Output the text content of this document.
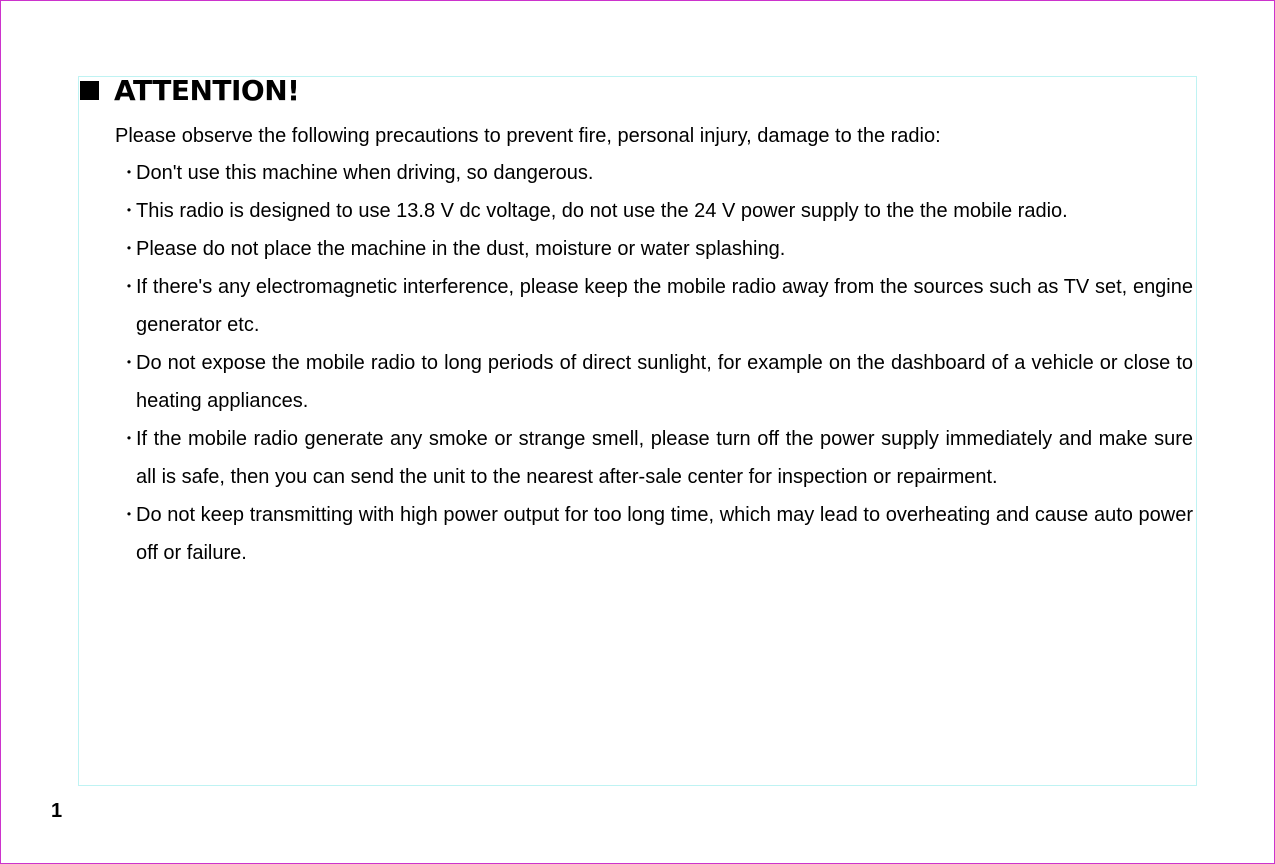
ATTENTION!
Please observe the following precautions to prevent fire, personal injury, damage to the radio:
・
Don't use this machine when driving, so dangerous.
・
This radio is designed to use 13.8 V dc voltage, do not use the 24 V power supply to the the mobile radio.
・
Please do not place the machine in the dust, moisture or water splashing.
・
If there's any electromagnetic interference, please keep the mobile radio away from the sources such as TV set, engine generator etc.
・
Do not expose the mobile radio to long periods of direct sunlight, for example on the dashboard of a vehicle or close to heating appliances.
・
If the mobile radio generate any smoke or strange smell, please turn off the power supply immediately and make sure all is safe, then you can send the unit to the nearest after-sale center for inspection or repairment.
・
Do not keep transmitting with high power output for too long time, which may lead to overheating and cause auto power off or failure.
1
